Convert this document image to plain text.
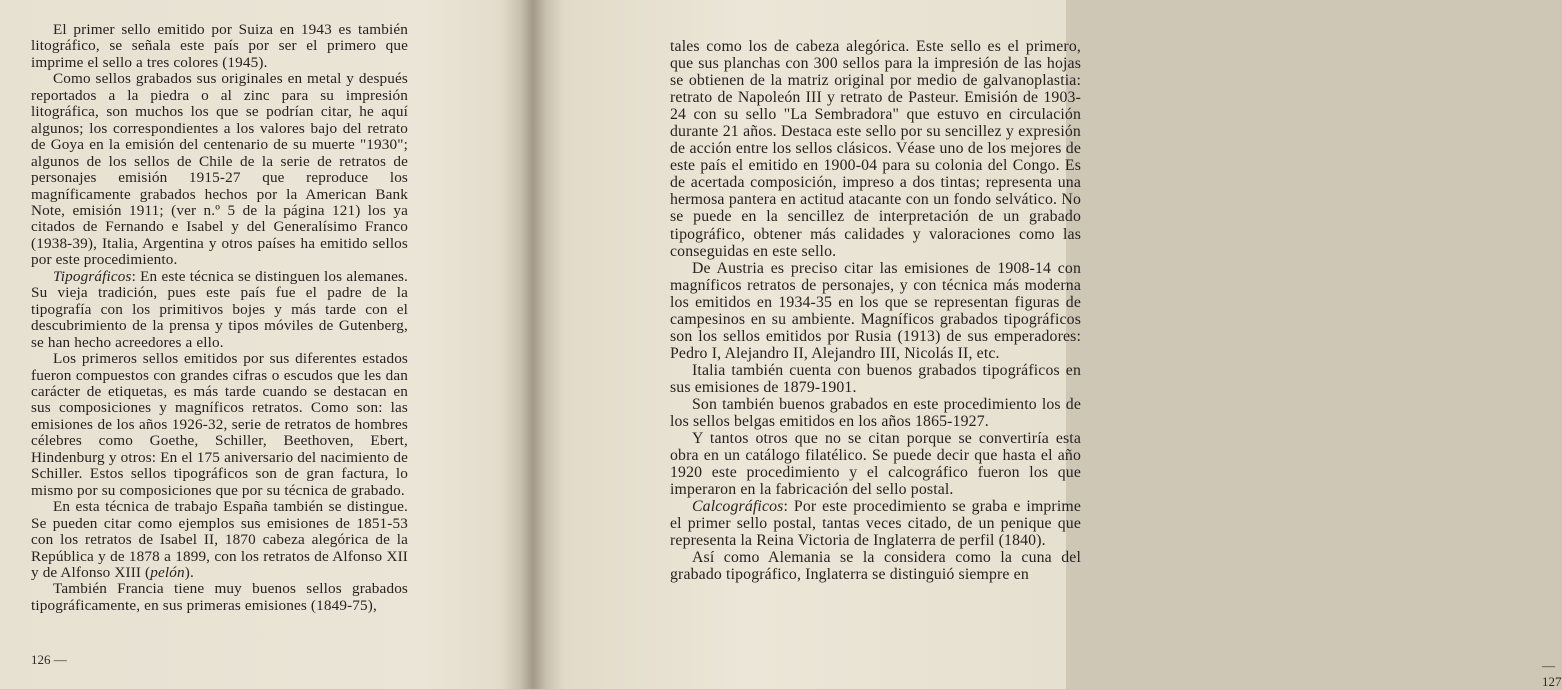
El primer sello emitido por Suiza en 1943 es también litográfico, se señala este país por ser el primero que imprime el sello a tres colores (1945).

Como sellos grabados sus originales en metal y después reportados a la piedra o al zinc para su impresión litográfica, son muchos los que se podrían citar, he aquí algunos; los correspondientes a los valores bajo del retrato de Goya en la emisión del centenario de su muerte "1930"; algunos de los sellos de Chile de la serie de retratos de personajes emisión 1915-27 que reproduce los magníficamente grabados hechos por la American Bank Note, emisión 1911; (ver n.º 5 de la página 121) los ya citados de Fernando e Isabel y del Generalísimo Franco (1938-39), Italia, Argentina y otros países ha emitido sellos por este procedimiento.

Tipográficos: En este técnica se distinguen los alemanes. Su vieja tradición, pues este país fue el padre de la tipografía con los primitivos bojes y más tarde con el descubrimiento de la prensa y tipos móviles de Gutenberg, se han hecho acreedores a ello.

Los primeros sellos emitidos por sus diferentes estados fueron compuestos con grandes cifras o escudos que les dan carácter de etiquetas, es más tarde cuando se destacan en sus composiciones y magníficos retratos. Como son: las emisiones de los años 1926-32, serie de retratos de hombres célebres como Goethe, Schiller, Beethoven, Ebert, Hindenburg y otros: En el 175 aniversario del nacimiento de Schiller. Estos sellos tipográficos son de gran factura, lo mismo por su composiciones que por su técnica de grabado.

En esta técnica de trabajo España también se distingue. Se pueden citar como ejemplos sus emisiones de 1851-53 con los retratos de Isabel II, 1870 cabeza alegórica de la República y de 1878 a 1899, con los retratos de Alfonso XII y de Alfonso XIII (pelón).

También Francia tiene muy buenos sellos grabados tipográficamente, en sus primeras emisiones (1849-75),

126 —

tales como los de cabeza alegórica. Este sello es el primero, que sus planchas con 300 sellos para la impresión de las hojas se obtienen de la matriz original por medio de galvanoplastia: retrato de Napoleón III y retrato de Pasteur. Emisión de 1903-24 con su sello "La Sembradora" que estuvo en circulación durante 21 años. Destaca este sello por su sencillez y expresión de acción entre los sellos clásicos. Véase uno de los mejores de este país el emitido en 1900-04 para su colonia del Congo. Es de acertada composición, impreso a dos tintas; representa una hermosa pantera en actitud atacante con un fondo selvático. No se puede en la sencillez de interpretación de un grabado tipográfico, obtener más calidades y valoraciones como las conseguidas en este sello.

De Austria es preciso citar las emisiones de 1908-14 con magníficos retratos de personajes, y con técnica más moderna los emitidos en 1934-35 en los que se representan figuras de campesinos en su ambiente. Magníficos grabados tipográficos son los sellos emitidos por Rusia (1913) de sus emperadores: Pedro I, Alejandro II, Alejandro III, Nicolás II, etc.

Italia también cuenta con buenos grabados tipográficos en sus emisiones de 1879-1901.

Son también buenos grabados en este procedimiento los de los sellos belgas emitidos en los años 1865-1927.

Y tantos otros que no se citan porque se convertiría esta obra en un catálogo filatélico. Se puede decir que hasta el año 1920 este procedimiento y el calcográfico fueron los que imperaron en la fabricación del sello postal.

Calcográficos: Por este procedimiento se graba e imprime el primer sello postal, tantas veces citado, de un penique que representa la Reina Victoria de Inglaterra de perfil (1840).

Así como Alemania se la considera como la cuna del grabado tipográfico, Inglaterra se distinguió siempre en

— 127
